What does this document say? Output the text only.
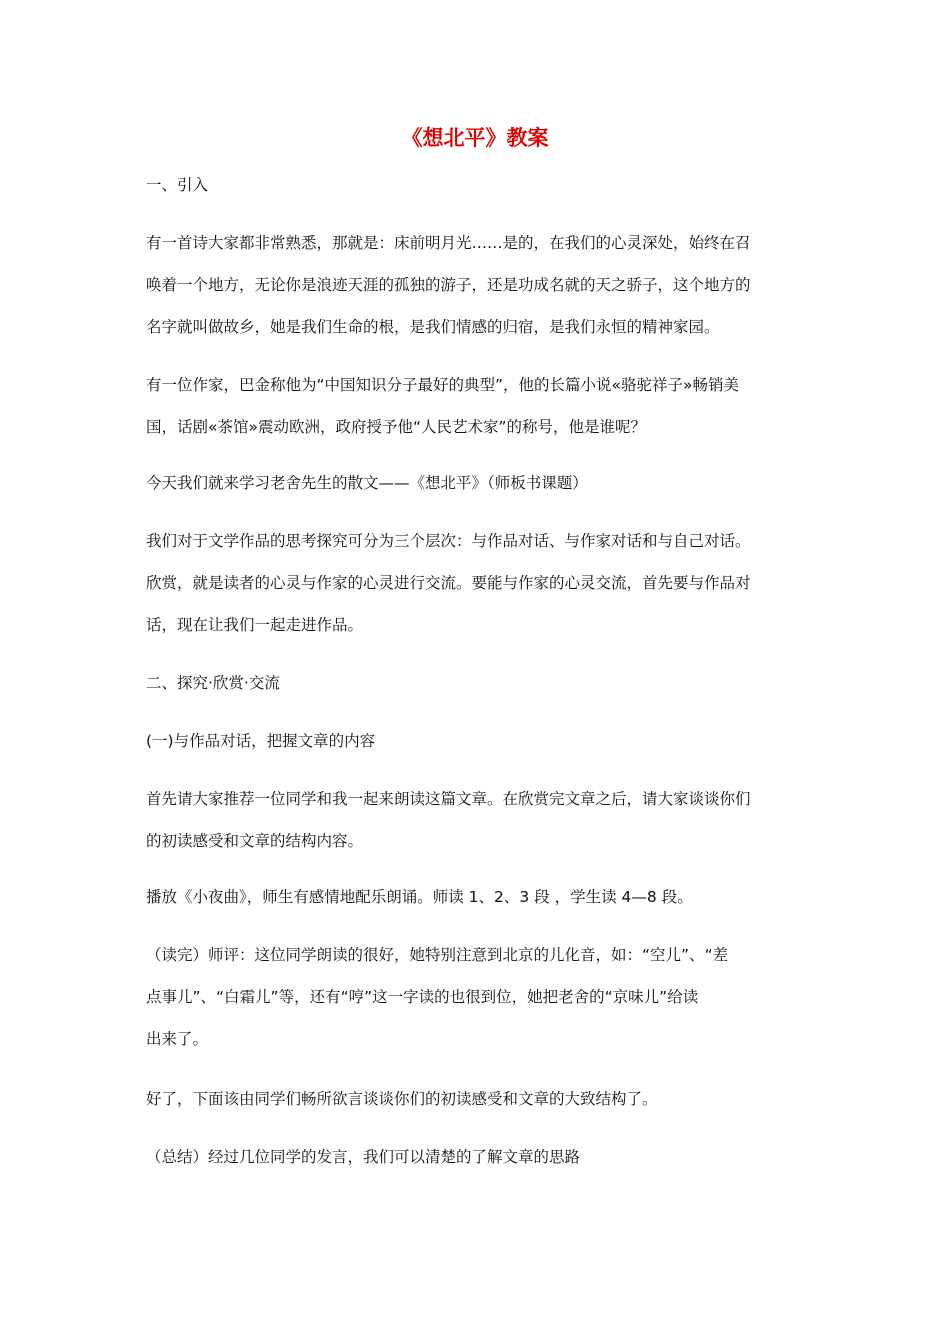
《想北平》教案
一、引入
有一首诗大家都非常熟悉，那就是：床前明月光……是的，在我们的心灵深处，始终在召
唤着一个地方，无论你是浪迹天涯的孤独的游子，还是功成名就的天之骄子，这个地方的
名字就叫做故乡，她是我们生命的根，是我们情感的归宿，是我们永恒的精神家园。
有一位作家，巴金称他为“中国知识分子最好的典型”，他的长篇小说«骆驼祥子»畅销美
国，话剧«茶馆»震动欧洲，政府授予他“人民艺术家”的称号，他是谁呢？
今天我们就来学习老舍先生的散文——《想北平》（师板书课题）
我们对于文学作品的思考探究可分为三个层次：与作品对话、与作家对话和与自己对话。
欣赏，就是读者的心灵与作家的心灵进行交流。要能与作家的心灵交流，首先要与作品对
话，现在让我们一起走进作品。
二、探究·欣赏·交流
(一)与作品对话，把握文章的内容
首先请大家推荐一位同学和我一起来朗读这篇文章。在欣赏完文章之后，请大家谈谈你们
的初读感受和文章的结构内容。
播放《小夜曲》，师生有感情地配乐朗诵。师读 1、2、3 段 ，学生读 4—8 段。
（读完）师评：这位同学朗读的很好，她特别注意到北京的儿化音，如：“空儿”、“差
点事儿”、“白霜儿”等，还有“哼”这一字读的也很到位，她把老舍的“京味儿”给读
出来了。
好了，下面该由同学们畅所欲言谈谈你们的初读感受和文章的大致结构了。
（总结）经过几位同学的发言，我们可以清楚的了解文章的思路
